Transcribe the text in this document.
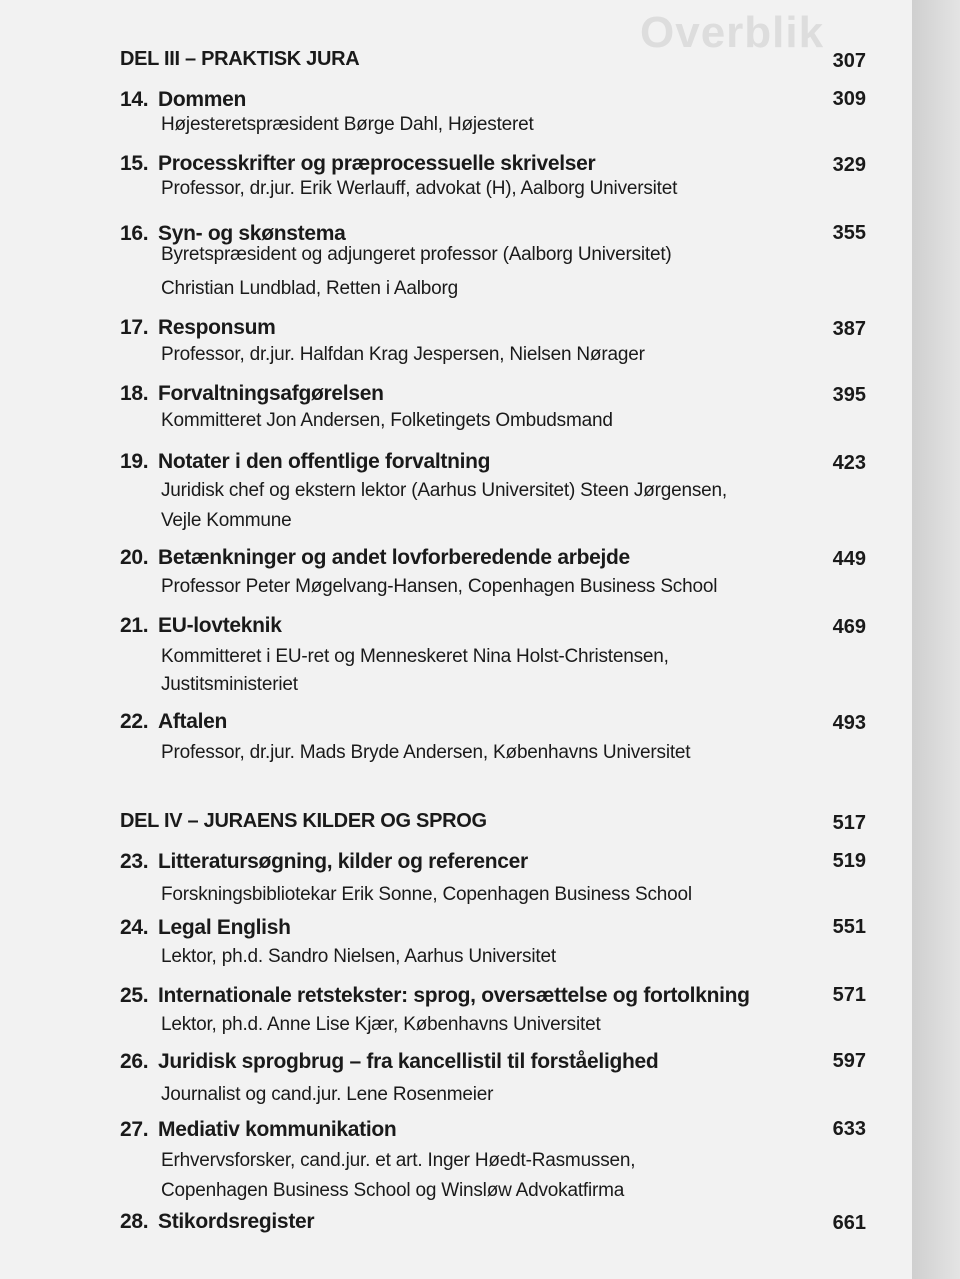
Overblik
DEL III – PRAKTISK JURA	307
14. Dommen	309
Højesteretspræsident Børge Dahl, Højesteret
15. Processkrifter og præprocessuelle skrivelser	329
Professor, dr.jur. Erik Werlauff, advokat (H), Aalborg Universitet
16. Syn- og skønstema	355
Byretspræsident og adjungeret professor (Aalborg Universitet)
Christian Lundblad, Retten i Aalborg
17. Responsum	387
Professor, dr.jur. Halfdan Krag Jespersen, Nielsen Nørager
18. Forvaltningsafgørelsen	395
Kommitteret Jon Andersen, Folketingets Ombudsmand
19. Notater i den offentlige forvaltning	423
Juridisk chef og ekstern lektor (Aarhus Universitet) Steen Jørgensen,
Vejle Kommune
20. Betænkninger og andet lovforberedende arbejde	449
Professor Peter Møgelvang-Hansen, Copenhagen Business School
21. EU-lovteknik	469
Kommitteret i EU-ret og Menneskeret Nina Holst-Christensen,
Justitsministeriet
22. Aftalen	493
Professor, dr.jur. Mads Bryde Andersen, Københavns Universitet
DEL IV – JURAENS KILDER OG SPROG	517
23. Litteratursøgning, kilder og referencer	519
Forskningsbibliotekar Erik Sonne, Copenhagen Business School
24. Legal English	551
Lektor, ph.d. Sandro Nielsen, Aarhus Universitet
25. Internationale retstekster: sprog, oversættelse og fortolkning	571
Lektor, ph.d. Anne Lise Kjær, Københavns Universitet
26. Juridisk sprogbrug – fra kancellistil til forståelighed	597
Journalist og cand.jur. Lene Rosenmeier
27. Mediativ kommunikation	633
Erhvervsforsker, cand.jur. et art. Inger Høedt-Rasmussen,
Copenhagen Business School og Winsløw Advokatfirma
28. Stikordsregister	661
